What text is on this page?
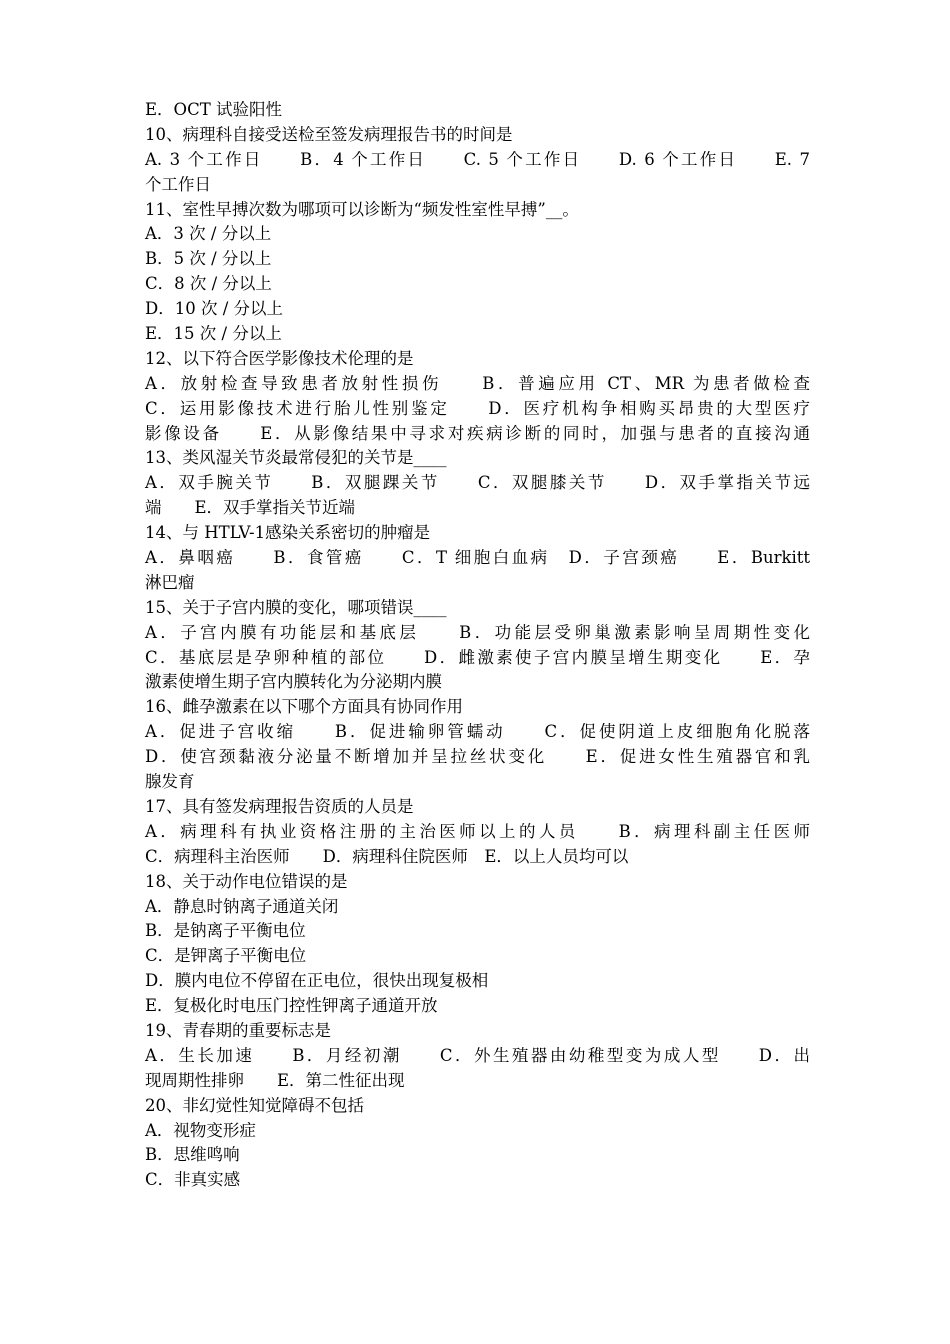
E．OCT 试验阳性
10、病理科自接受送检至签发病理报告书的时间是
A. 3 个工作日　　B．4 个工作日　　C. 5 个工作日　　D. 6 个工作日　　E. 7
个工作日
11、室性早搏次数为哪项可以诊断为“频发性室性早搏”__。
A．3 次 / 分以上
B．5 次 / 分以上
C．8 次 / 分以上
D．10 次 / 分以上
E．15 次 / 分以上
12、以下符合医学影像技术伦理的是
A．放射检查导致患者放射性损伤　　B．普遍应用 CT、MR 为患者做检查
C．运用影像技术进行胎儿性别鉴定　　D．医疗机构争相购买昂贵的大型医疗
影像设备　　E．从影像结果中寻求对疾病诊断的同时，加强与患者的直接沟通
13、类风湿关节炎最常侵犯的关节是____
A．双手腕关节　　B．双腿踝关节　　C．双腿膝关节　　D．双手掌指关节远
端　　E．双手掌指关节近端
14、与 HTLV-1感染关系密切的肿瘤是
A．鼻咽癌　　B．食管癌　　C．T 细胞白血病　D．子宫颈癌　　E．Burkitt
淋巴瘤
15、关于子宫内膜的变化，哪项错误____
A．子宫内膜有功能层和基底层　　B．功能层受卵巢激素影响呈周期性变化
C．基底层是孕卵种植的部位　　D．雌激素使子宫内膜呈增生期变化　　E．孕
激素使增生期子宫内膜转化为分泌期内膜
16、雌孕激素在以下哪个方面具有协同作用
A．促进子宫收缩　　B．促进输卵管蠕动　　C．促使阴道上皮细胞角化脱落
D．使宫颈黏液分泌量不断增加并呈拉丝状变化　　E．促进女性生殖器官和乳
腺发育
17、具有签发病理报告资质的人员是
A．病理科有执业资格注册的主治医师以上的人员　　B．病理科副主任医师
C．病理科主治医师　　D．病理科住院医师　E．以上人员均可以
18、关于动作电位错误的是
A．静息时钠离子通道关闭
B．是钠离子平衡电位
C．是钾离子平衡电位
D．膜内电位不停留在正电位，很快出现复极相
E．复极化时电压门控性钾离子通道开放
19、青春期的重要标志是
A．生长加速　　B．月经初潮　　C．外生殖器由幼稚型变为成人型　　D．出
现周期性排卵　　E．第二性征出现
20、非幻觉性知觉障碍不包括
A．视物变形症
B．思维鸣响
C．非真实感
